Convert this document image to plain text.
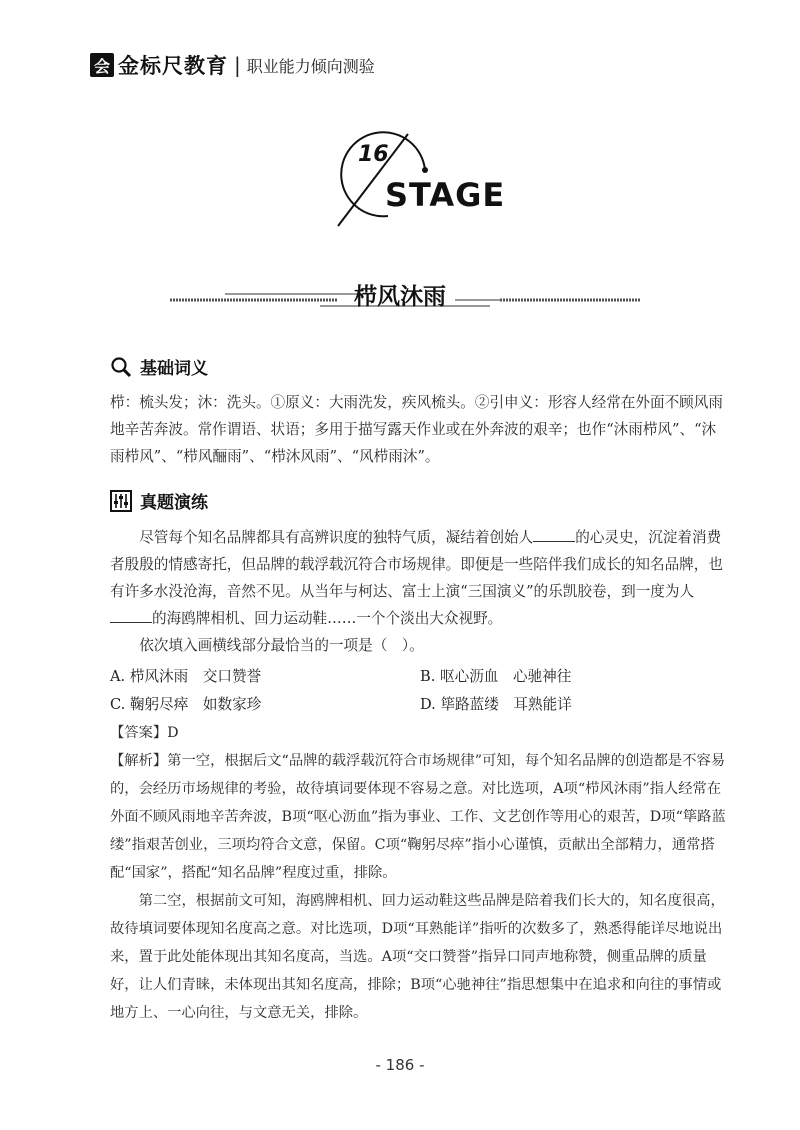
会 金标尺教育 | 职业能力倾向测验
16
STAGE
栉风沐雨
基础词义

栉：梳头发；沐：洗头。①原义：大雨洗发，疾风梳头。②引申义：形容人经常在外面不顾风雨地辛苦奔波。常作谓语、状语；多用于描写露天作业或在外奔波的艰辛；也作“沐雨栉风”、“沐雨栉风”、“栉风酾雨”、“栉沐风雨”、“风栉雨沐”。

真题演练

尽管每个知名品牌都具有高辨识度的独特气质，凝结着创始人	的心灵史，沉淀着消费者殷殷的情感寄托，但品牌的载浮载沉符合市场规律。即便是一些陪伴我们成长的知名品牌，也有许多水没沧海，音然不见。从当年与柯达、富士上演“三国演义”的乐凯胶卷，到一度为人的海鸥牌相机、回力运动鞋……一个个淡出大众视野。

依次填入画横线部分最恰当的一项是（　）。

A. 栉风沐雨　交口赞誉	B. 呕心沥血　心驰神往
C. 鞠躬尽瘁　如数家珍	D. 筚路蓝缕　耳熟能详

【答案】D

【解析】第一空，根据后文“品牌的载浮载沉符合市场规律”可知，每个知名品牌的创造都是不容易的，会经历市场规律的考验，故待填词要体现不容易之意。对比选项，A项“栉风沐雨”指人经常在外面不顾风雨地辛苦奔波，B项“呕心沥血”指为事业、工作、文艺创作等用心的艰苦，D项“筚路蓝缕”指艰苦创业，三项均符合文意，保留。C项“鞠躬尽瘁”指小心谨慎，贡献出全部精力，通常搭配“国家”，搭配“知名品牌”程度过重，排除。

第二空，根据前文可知，海鸥牌相机、回力运动鞋这些品牌是陪着我们长大的，知名度很高，故待填词要体现知名度高之意。对比选项，D项“耳熟能详”指听的次数多了，熟悉得能详尽地说出来，置于此处能体现出其知名度高，当选。A项“交口赞誉”指异口同声地称赞，侧重品牌的质量好，让人们青睐，未体现出其知名度高，排除；B项“心驰神往”指思想集中在追求和向往的事情或地方上、一心向往，与文意无关，排除。

- 186 -
